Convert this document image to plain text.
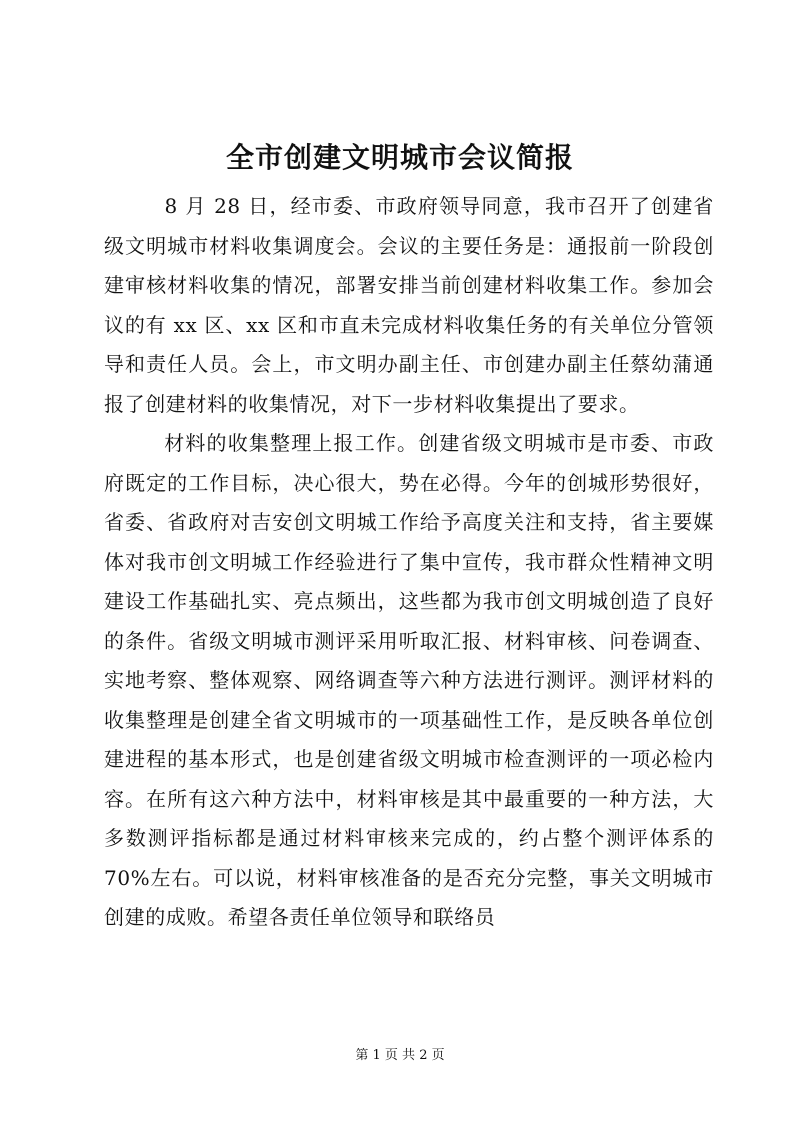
全市创建文明城市会议简报

8 月 28 日，经市委、市政府领导同意，我市召开了创建省级文明城市材料收集调度会。会议的主要任务是：通报前一阶段创建审核材料收集的情况，部署安排当前创建材料收集工作。参加会议的有 xx 区、xx 区和市直未完成材料收集任务的有关单位分管领导和责任人员。会上，市文明办副主任、市创建办副主任蔡幼蒲通报了创建材料的收集情况，对下一步材料收集提出了要求。

材料的收集整理上报工作。创建省级文明城市是市委、市政府既定的工作目标，决心很大，势在必得。今年的创城形势很好，省委、省政府对吉安创文明城工作给予高度关注和支持，省主要媒体对我市创文明城工作经验进行了集中宣传，我市群众性精神文明建设工作基础扎实、亮点频出，这些都为我市创文明城创造了良好的条件。省级文明城市测评采用听取汇报、材料审核、问卷调查、实地考察、整体观察、网络调查等六种方法进行测评。测评材料的收集整理是创建全省文明城市的一项基础性工作，是反映各单位创建进程的基本形式，也是创建省级文明城市检查测评的一项必检内容。在所有这六种方法中，材料审核是其中最重要的一种方法，大多数测评指标都是通过材料审核来完成的，约占整个测评体系的 70%左右。可以说，材料审核准备的是否充分完整，事关文明城市创建的成败。希望各责任单位领导和联络员

第 1 页 共 2 页
